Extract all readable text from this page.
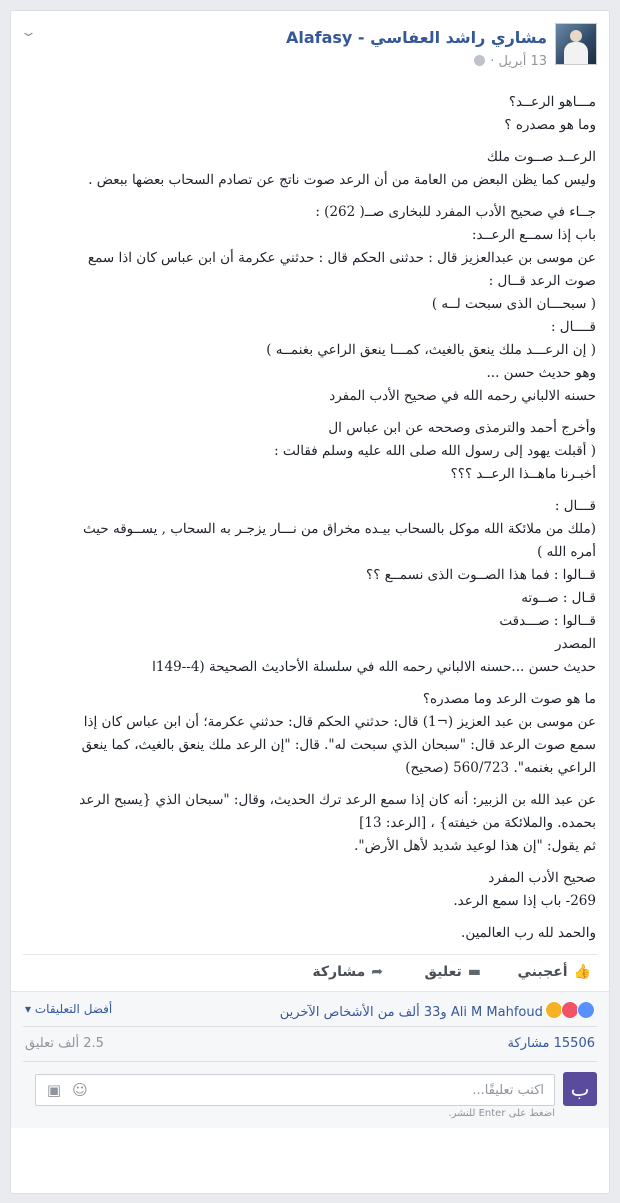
مشاري راشد العفاسي - Alafasy
13 أبريل ·
⌄
مـــاهو الرعــد؟
وما هو مصدره ؟
الرعــد صــوت ملك
وليس كما يظن البعض من العامة من أن الرعد صوت ناتج عن تصادم السحاب بعضها ببعض .
جــاء في صحيح الأدب المفرد للبخارى صــ( 262) :
باب إذا سمــع الرعــد:
عن موسى بن عبدالعزيز قال : حدثنى الحكم قال : حدثني عكرمة أن ابن عباس كان اذا سمع
صوت الرعد قــال :
( سبحـــان الذى سبحت لــه )
قــــال :
( إن الرعـــد ملك ينعق بالغيث، كمـــا ينعق الراعي بغنمــه )
وهو حديث حسن ...
حسنه الالباني رحمه الله في صحيح الأدب المفرد
وأخرج أحمد والترمذى وصححه عن ابن عباس ال
( أقبلت يهود إلى رسول الله صلى الله عليه وسلم فقالت :
أخبـرنا ماهــذا الرعــد ؟؟؟
قـــال :
(ملك من ملائكة الله موكل بالسحاب بيـده مخراق من نـــار يزجـر به السحاب , يســوقه حيث
أمره الله )
قــالوا : فما هذا الصــوت الذى نسمــع ؟؟
قـال : صــوته
قــالوا : صـــدقت
المصدر
حديث حسن ...حسنه الالباني رحمه الله في سلسلة الأحاديث الصحيحة (4--149ا
ما هو صوت الرعد وما مصدره؟
عن موسى بن عبد العزيز (¬1) قال: حدثني الحكم قال: حدثني عكرمة؛ أن ابن عباس كان إذا
سمع صوت الرعد قال: "سبحان الذي سبحت له". قال: "إن الرعد ملك ينعق بالغيث، كما ينعق
الراعي بغنمه". 560/723 (صحيح)
عن عبد الله بن الزبير: أنه كان إذا سمع الرعد ترك الحديث، وقال: "سبحان الذي {يسبح الرعد
بحمده. والملائكة من خيفته} ، [الرعد: 13]
ثم يقول: "إن هذا لوعيد شديد لأهل الأرض".
صحيح الأدب المفرد
269- باب إذا سمع الرعد.
والحمد لله رب العالمين.
👍أعجبني
▬تعليق
➦مشاركة
Ali M Mahfoud و33 ألف من الأشخاص الآخرين
أفضل التعليقات ▾
15506 مشاركة
2.5 ألف تعليق
ب
اكتب تعليقًا...
☺
▣
اضغط على Enter للنشر.
